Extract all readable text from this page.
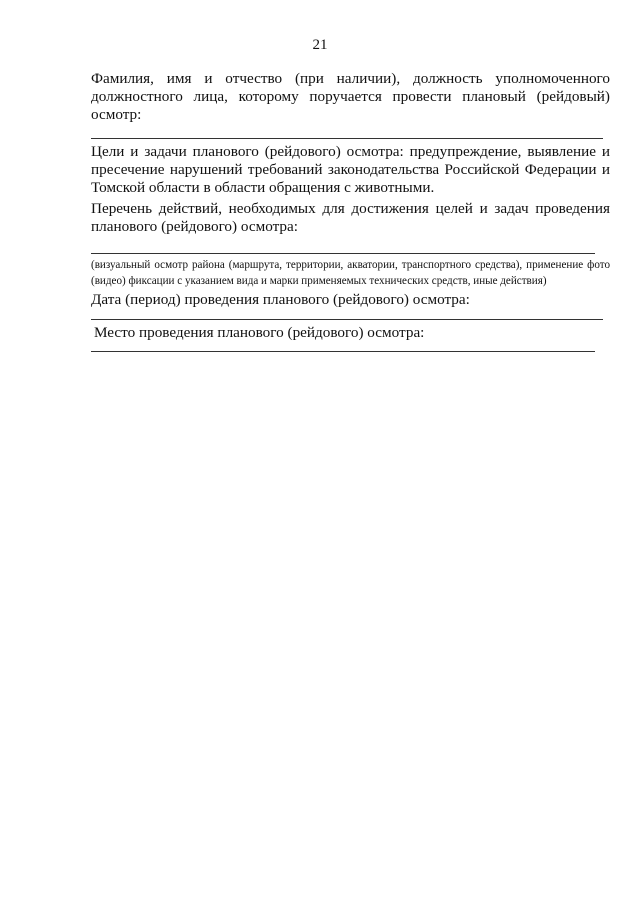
21

Фамилия, имя и отчество (при наличии), должность уполномоченного должностного лица, которому поручается провести плановый (рейдовый) осмотр:

Цели и задачи планового (рейдового) осмотра: предупреждение, выявление и пресечение нарушений требований законодательства Российской Федерации и Томской области в области обращения с животными.

Перечень действий, необходимых для достижения целей и задач проведения планового (рейдового) осмотра:

(визуальный осмотр района (маршрута, территории, акватории, транспортного средства), применение фото (видео) фиксации с указанием вида и марки применяемых технических средств, иные действия)

Дата (период) проведения планового (рейдового) осмотра:

Место проведения планового (рейдового) осмотра:
